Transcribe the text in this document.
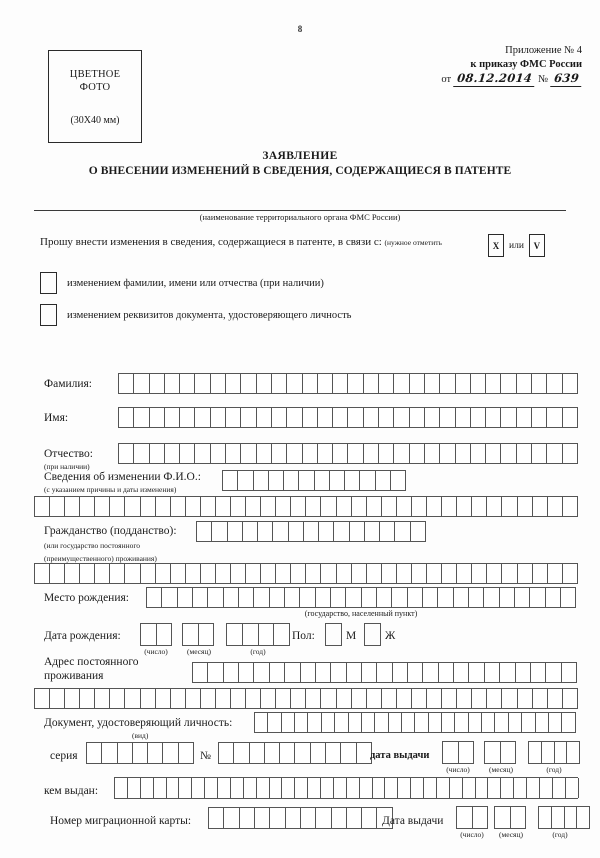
8
ЦВЕТНОЕ
ФОТО
(30Х40 мм)
Приложение № 4
к приказу ФМС России
от 08.12.2014 № 639
ЗАЯВЛЕНИЕ
О ВНЕСЕНИИ ИЗМЕНЕНИЙ В СВЕДЕНИЯ, СОДЕРЖАЩИЕСЯ В ПАТЕНТЕ
(наименование территориального органа ФМС России)
Прошу внести изменения в сведения, содержащиеся в патенте, в связи с: (нужное отметить	X	или	V
изменением фамилии, имени или отчества (при наличии)
изменением реквизитов документа, удостоверяющего личность
Фамилия:
Имя:
Отчество:
(при наличии)
Сведения об изменении Ф.И.О.:
(с указанием причины и даты изменения)
Гражданство (подданство):
(или государство постоянного
(преимущественного) проживания)
Место рождения:
(государство, населенный пункт)
Дата рождения:
(число)	(месяц)	(год)
Пол:	М	Ж
Адрес постоянного
проживания
Документ, удостоверяющий личность:
(вид)
серия	№	дата выдачи
(число)	(месяц)	(год)
кем выдан:
Номер миграционной карты:	Дата выдачи
(число)	(месяц)	(год)
